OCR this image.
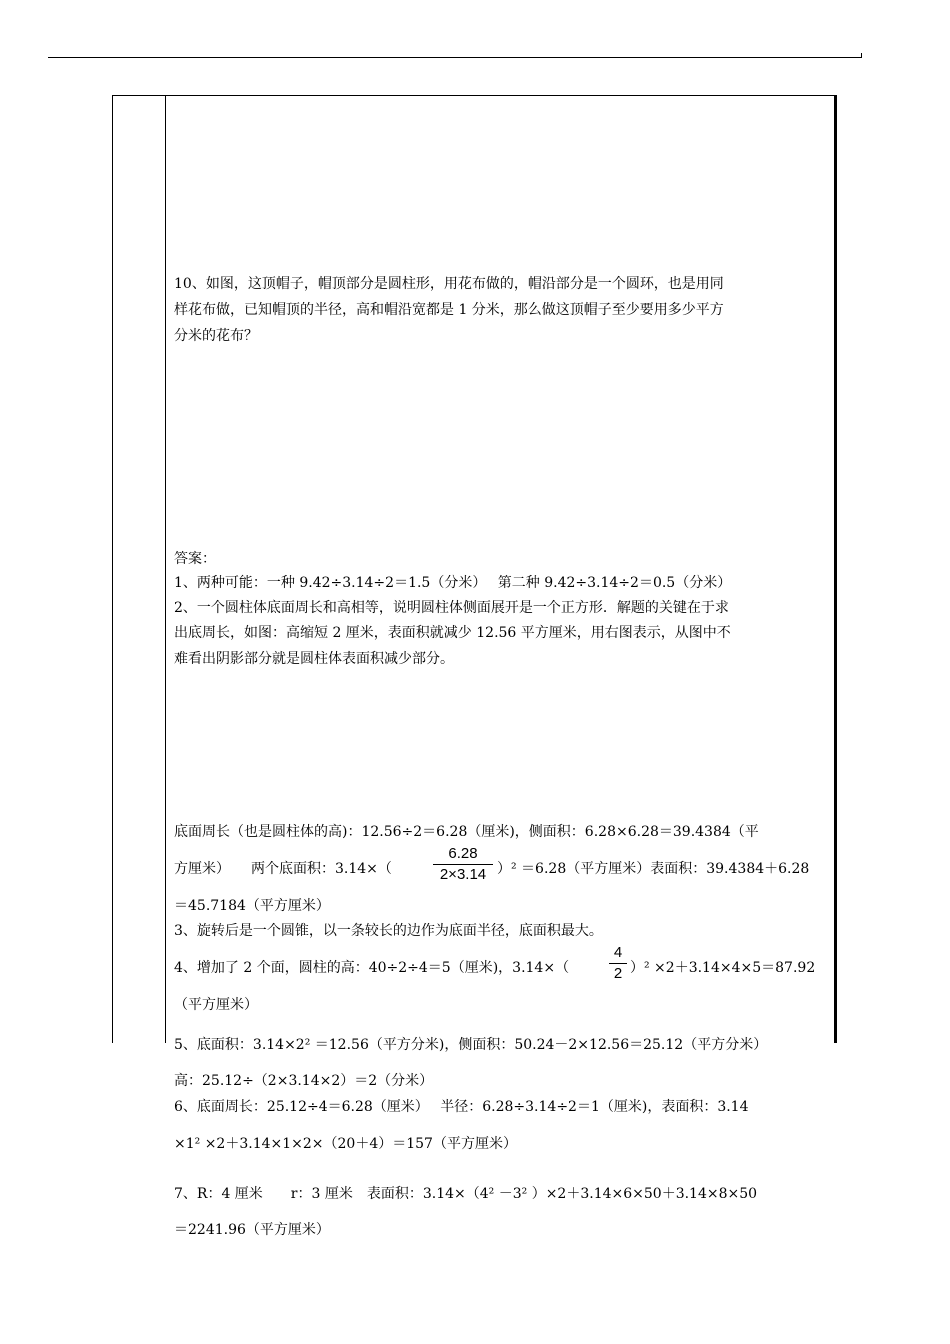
10、如图，这顶帽子，帽顶部分是圆柱形，用花布做的，帽沿部分是一个圆环，也是用同
样花布做，已知帽顶的半径，高和帽沿宽都是 1 分米，那么做这顶帽子至少要用多少平方
分米的花布？
答案：
1、两种可能：一种 9.42÷3.14÷2＝1.5（分米）　 第二种 9.42÷3.14÷2＝0.5（分米）
2、一个圆柱体底面周长和高相等，说明圆柱体侧面展开是一个正方形．解题的关键在于求
出底周长，如图：高缩短 2 厘米，表面积就减少 12.56 平方厘米，用右图表示，从图中不
难看出阴影部分就是圆柱体表面积减少部分。
底面周长（也是圆柱体的高)：12.56÷2＝6.28（厘米)，侧面积：6.28×6.28＝39.4384（平
方厘米）　　两个底面积：3.14×（
6.28
2×3.14 ）² ＝6.28（平方厘米）表面积：39.4384＋6.28
＝45.7184（平方厘米）
3、旋转后是一个圆锥，以一条较长的边作为底面半径，底面积最大。
4、增加了 2 个面，圆柱的高：40÷2÷4＝5（厘米)，3.14×（
4
2 ）² ×2＋3.14×4×5＝87.92
（平方厘米）
5、底面积：3.14×2² ＝12.56（平方分米)，侧面积：50.24－2×12.56＝25.12（平方分米）
高：25.12÷（2×3.14×2）＝2（分米）
6、底面周长：25.12÷4＝6.28（厘米）　 半径：6.28÷3.14÷2＝1（厘米)，表面积：3.14
×1² ×2＋3.14×1×2×（20＋4）＝157（平方厘米）
7、R：4 厘米　　r：3 厘米　表面积：3.14×（4² －3² ）×2＋3.14×6×50＋3.14×8×50
＝2241.96（平方厘米）
